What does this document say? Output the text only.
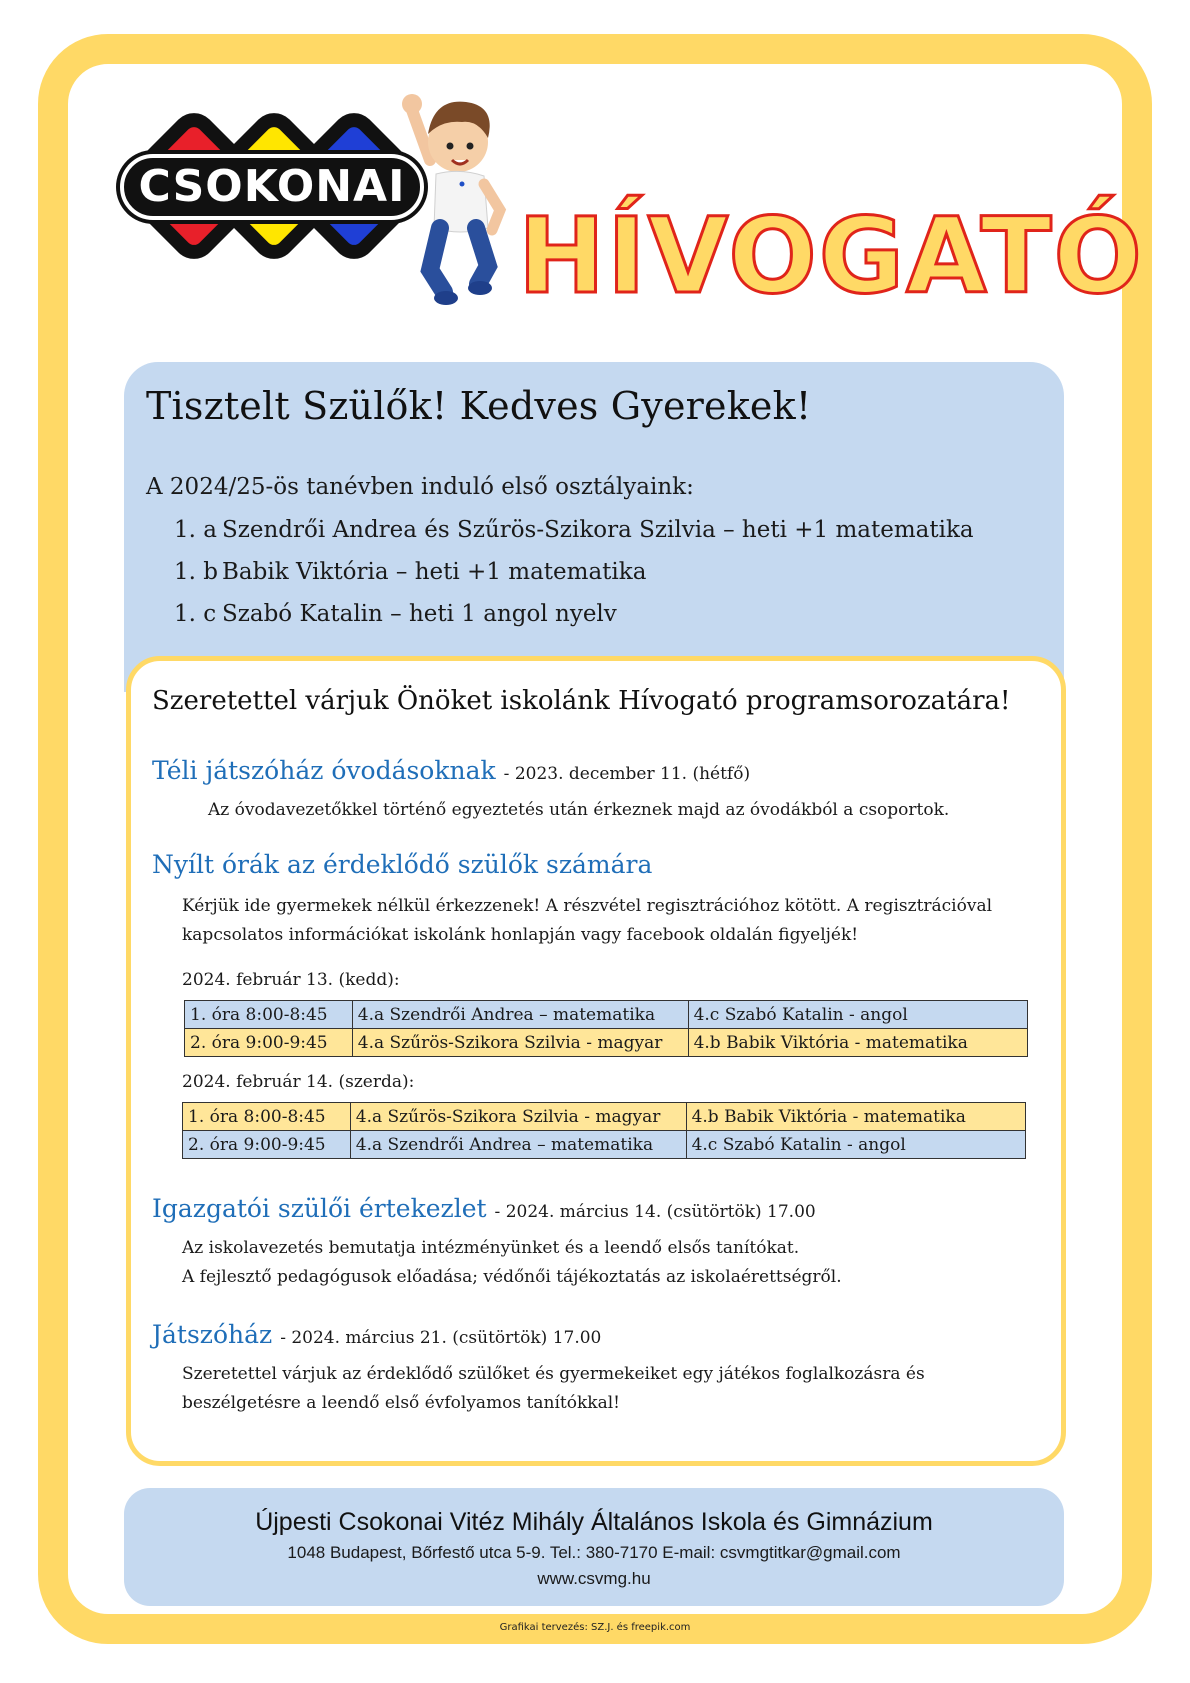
CSOKONAI
HÍVOGATÓ
Tisztelt Szülők! Kedves Gyerekek!
A 2024/25-ös tanévben induló első osztályaink:
1. a Szendrői Andrea és Szűrös-Szikora Szilvia – heti +1 matematika
1. b Babik Viktória – heti +1 matematika
1. c Szabó Katalin – heti 1 angol nyelv
Szeretettel várjuk Önöket iskolánk Hívogató programsorozatára!
Téli játszóház óvodásoknak - 2023. december 11. (hétfő)
Az óvodavezetőkkel történő egyeztetés után érkeznek majd az óvodákból a csoportok.
Nyílt órák az érdeklődő szülők számára
Kérjük ide gyermekek nélkül érkezzenek! A részvétel regisztrációhoz kötött. A regisztrációval
kapcsolatos információkat iskolánk honlapján vagy facebook oldalán figyeljék!
2024. február 13. (kedd):
1. óra 8:00-8:45	4.a Szendrői Andrea – matematika	4.c Szabó Katalin - angol
2. óra 9:00-9:45	4.a Szűrös-Szikora Szilvia - magyar	4.b Babik Viktória - matematika
2024. február 14. (szerda):
1. óra 8:00-8:45	4.a Szűrös-Szikora Szilvia - magyar	4.b Babik Viktória - matematika
2. óra 9:00-9:45	4.a Szendrői Andrea – matematika	4.c Szabó Katalin - angol
Igazgatói szülői értekezlet - 2024. március 14. (csütörtök) 17.00
Az iskolavezetés bemutatja intézményünket és a leendő elsős tanítókat.
A fejlesztő pedagógusok előadása; védőnői tájékoztatás az iskolaérettségről.
Játszóház - 2024. március 21. (csütörtök) 17.00
Szeretettel várjuk az érdeklődő szülőket és gyermekeiket egy játékos foglalkozásra és
beszélgetésre a leendő első évfolyamos tanítókkal!
Újpesti Csokonai Vitéz Mihály Általános Iskola és Gimnázium
1048 Budapest, Bőrfestő utca 5-9. Tel.: 380-7170 E-mail: csvmgtitkar@gmail.com
www.csvmg.hu
Grafikai tervezés: SZ.J. és freepik.com
